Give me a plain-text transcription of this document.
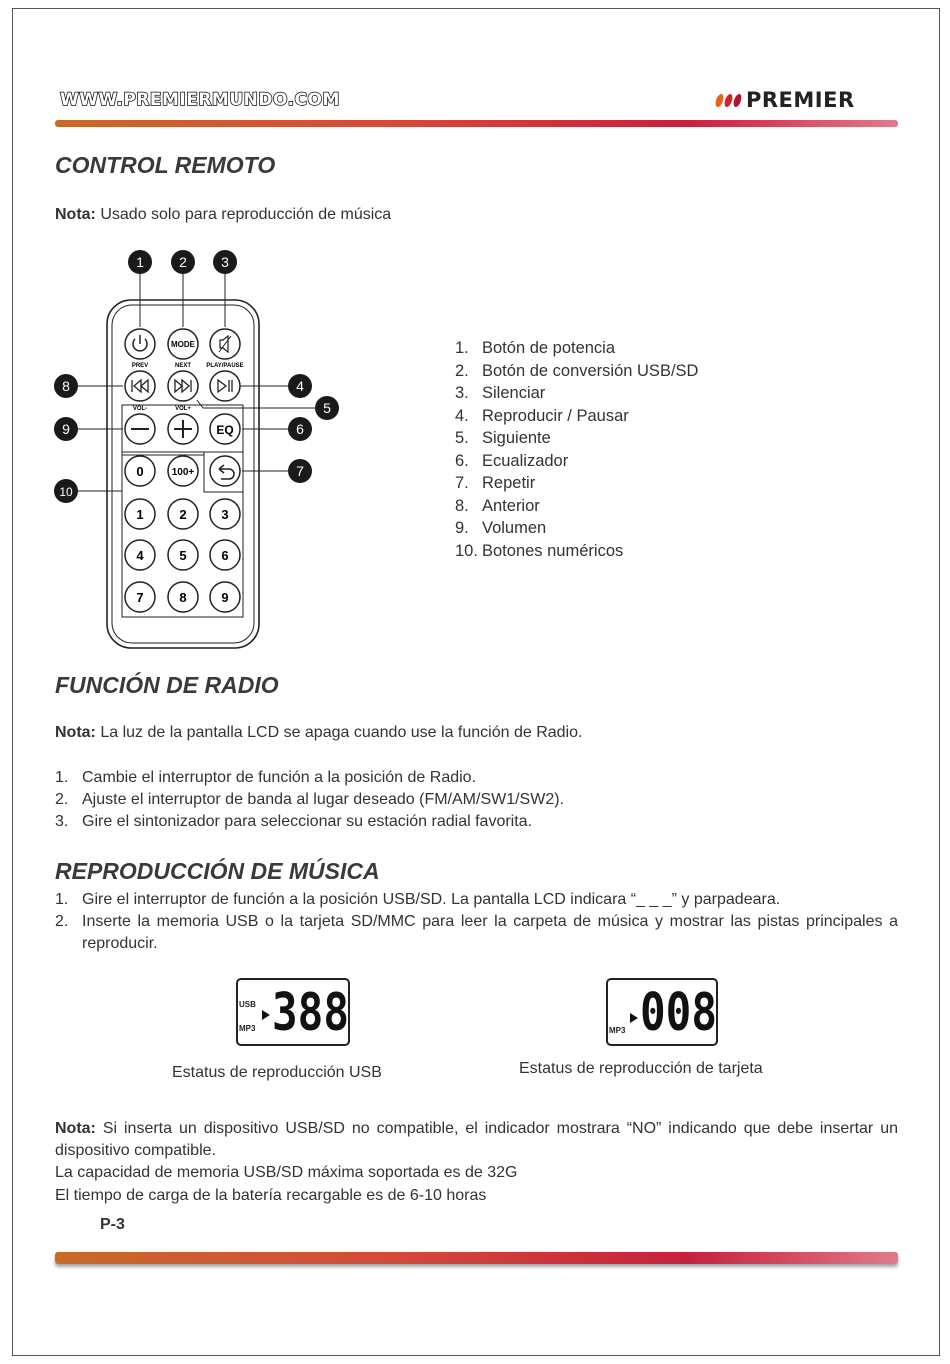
WWW.PREMIERMUNDO.COM	PREMIER
CONTROL REMOTO
Nota: Usado solo para reproducción de música
1	2 3
8	4
5
9	6
7
10
MODE
PREV	NEXT	PLAY/PAUSE
VOL-	VOL+
EQ
0	100+
1	2	3
4	5	6
7	8	9
1. Botón de potencia
2. Botón de conversión USB/SD
3. Silenciar
4. Reproducir / Pausar
5. Siguiente
6. Ecualizador
7. Repetir
8. Anterior
9. Volumen
10. Botones numéricos
FUNCIÓN DE RADIO
Nota: La luz de la pantalla LCD se apaga cuando use la función de Radio.
1. Cambie el interruptor de función a la posición de Radio.
2. Ajuste el interruptor de banda al lugar deseado (FM/AM/SW1/SW2).
3. Gire el sintonizador para seleccionar su estación radial favorita.
REPRODUCCIÓN DE MÚSICA
1. Gire el interruptor de función a la posición USB/SD. La pantalla LCD indicara “_ _ _” y parpadeara.
2. Inserte la memoria USB o la tarjeta SD/MMC para leer la carpeta de música y mostrar las pistas principales a reproducir.
USB
MP3 388
Estatus de reproducción USB
MP3 008
Estatus de reproducción de tarjeta
Nota: Si inserta un dispositivo USB/SD no compatible, el indicador mostrara “NO” indicando que debe insertar un dispositivo compatible.
La capacidad de memoria USB/SD máxima soportada es de 32G
El tiempo de carga de la batería recargable es de 6-10 horas
P-3
